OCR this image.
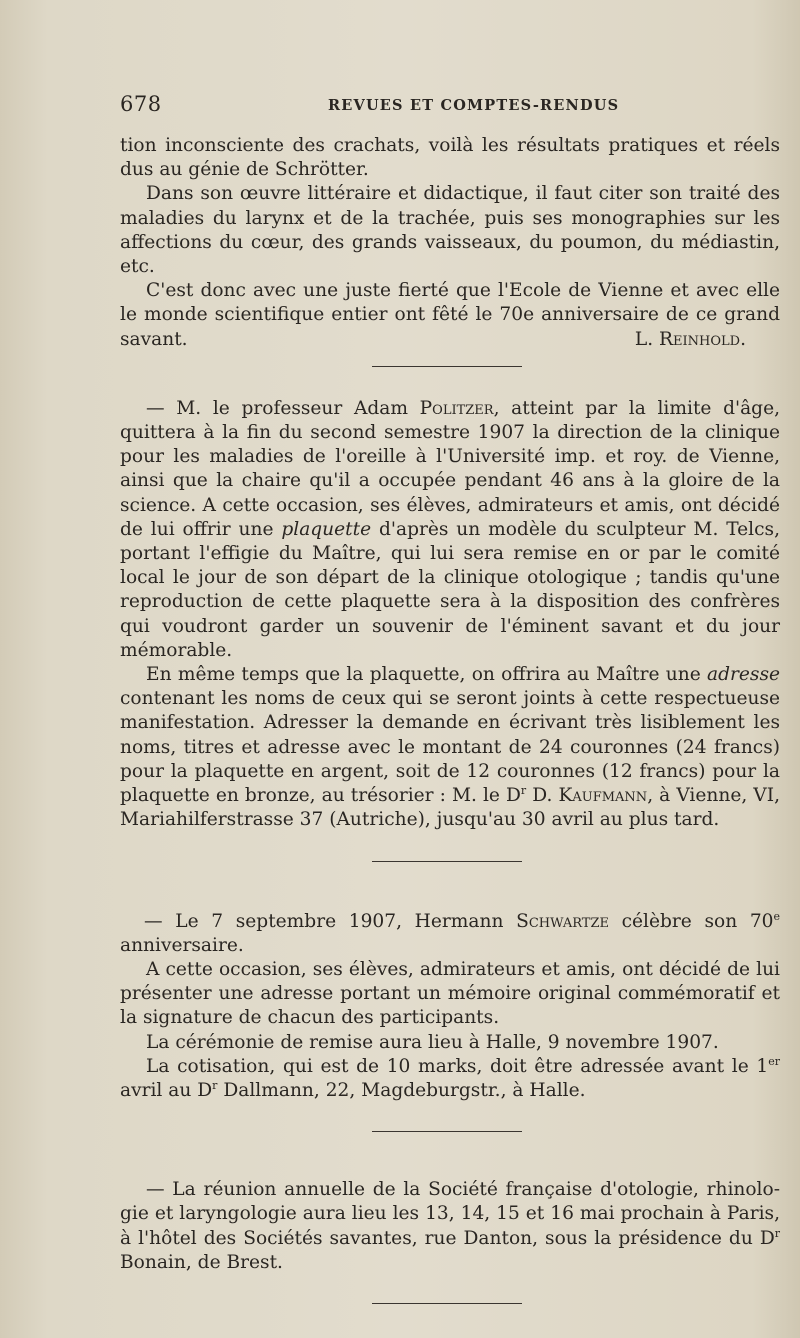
678	REVUES ET COMPTES-RENDUS

tion inconsciente des crachats, voilà les résultats pratiques et réels dus au génie de Schrötter.

Dans son œuvre littéraire et didactique, il faut citer son traité des maladies du larynx et de la trachée, puis ses monographies sur les affections du cœur, des grands vaisseaux, du poumon, du médiastin, etc.

C'est donc avec une juste fierté que l'Ecole de Vienne et avec elle le monde scientifique entier ont fêté le 70e anniversaire de ce grand savant.	L. Reinhold.

— M. le professeur Adam Politzer, atteint par la limite d'âge, quittera à la fin du second semestre 1907 la direction de la clinique pour les maladies de l'oreille à l'Université imp. et roy. de Vienne, ainsi que la chaire qu'il a occupée pendant 46 ans à la gloire de la science. A cette occasion, ses élèves, admirateurs et amis, ont décidé de lui offrir une plaquette d'après un modèle du sculpteur M. Telcs, portant l'effigie du Maître, qui lui sera remise en or par le comité local le jour de son départ de la clinique otologique ; tandis qu'une reproduction de cette plaquette sera à la disposition des confrères qui voudront garder un souvenir de l'éminent savant et du jour mémorable.

En même temps que la plaquette, on offrira au Maître une adresse contenant les noms de ceux qui se seront joints à cette respectueuse manifestation. Adresser la demande en écrivant très lisiblement les noms, titres et adresse avec le montant de 24 couronnes (24 francs) pour la plaquette en argent, soit de 12 couronnes (12 francs) pour la plaquette en bronze, au trésorier : M. le $D^r$ D. Kaufmann, à Vienne, VI, Mariahilferstrasse 37 (Autriche), jusqu'au 30 avril au plus tard.

— Le 7 septembre 1907, Hermann Schwartze célèbre son 70e anniversaire.

A cette occasion, ses élèves, admirateurs et amis, ont décidé de lui présenter une adresse portant un mémoire original commémoratif et la signature de chacun des participants.

La cérémonie de remise aura lieu à Halle, 9 novembre 1907.

La cotisation, qui est de 10 marks, doit être adressée avant le 1er avril au $D^r$ Dallmann, 22, Magdeburgstr., à Halle.

— La réunion annuelle de la Société française d'otologie, rhinologie et laryngologie aura lieu les 13, 14, 15 et 16 mai prochain à Paris, à l'hôtel des Sociétés savantes, rue Danton, sous la présidence du $D^r$ Bonain, de Brest.
